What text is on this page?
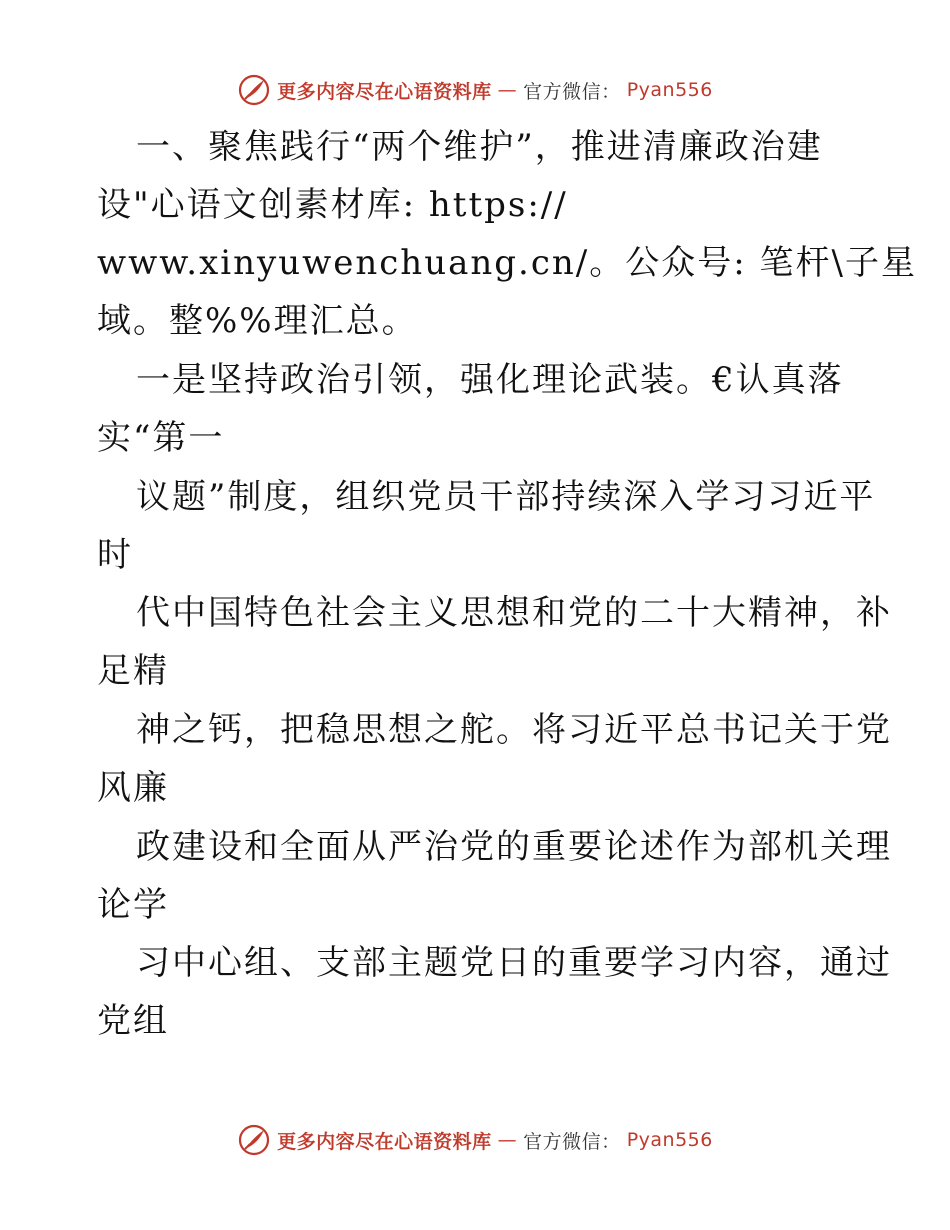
更多内容尽在心语资料库 — 官方微信： Pyan556
一、聚焦践行“两个维护”，推进清廉政治建
设"心语文创素材库: https://
www.xinyuwenchuang.cn/。公众号: 笔杆\子星
域。整%%理汇总。
一是坚持政治引领，强化理论武装。€认真落
实“第一
议题”制度，组织党员干部持续深入学习习近平
时
代中国特色社会主义思想和党的二十大精神，补
足精
神之钙，把稳思想之舵。将习近平总书记关于党
风廉
政建设和全面从严治党的重要论述作为部机关理
论学
习中心组、支部主题党日的重要学习内容，通过
党组
更多内容尽在心语资料库 — 官方微信： Pyan556
